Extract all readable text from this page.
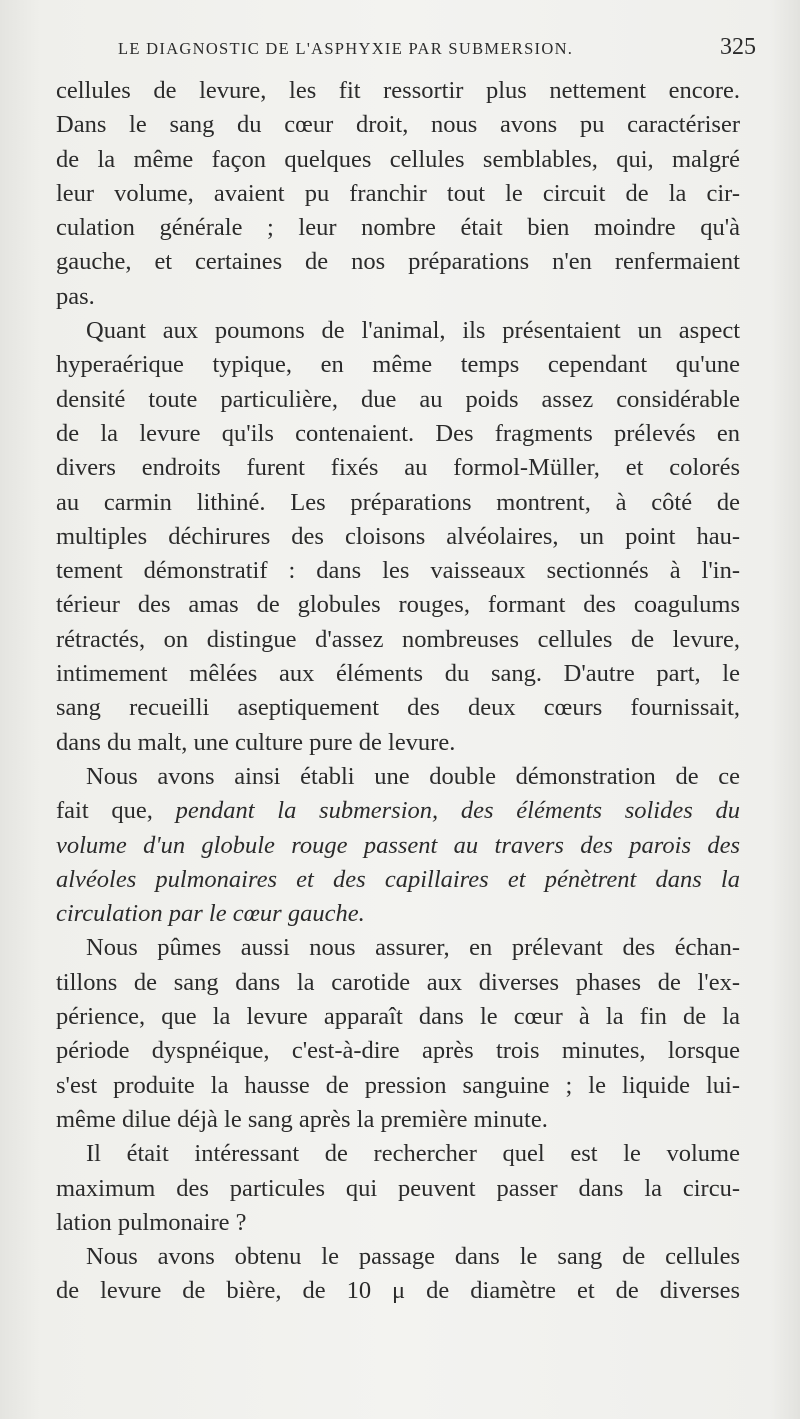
LE DIAGNOSTIC DE L'ASPHYXIE PAR SUBMERSION.	325

cellules de levure, les fit ressortir plus nettement encore.
Dans le sang du cœur droit, nous avons pu caractériser
de la même façon quelques cellules semblables, qui, malgré
leur volume, avaient pu franchir tout le circuit de la cir-
culation générale ; leur nombre était bien moindre qu'à
gauche, et certaines de nos préparations n'en renfermaient
pas.

Quant aux poumons de l'animal, ils présentaient un aspect
hyperaérique typique, en même temps cependant qu'une
densité toute particulière, due au poids assez considérable
de la levure qu'ils contenaient. Des fragments prélevés en
divers endroits furent fixés au formol-Müller, et colorés
au carmin lithiné. Les préparations montrent, à côté de
multiples déchirures des cloisons alvéolaires, un point hau-
tement démonstratif : dans les vaisseaux sectionnés à l'in-
térieur des amas de globules rouges, formant des coagulums
rétractés, on distingue d'assez nombreuses cellules de levure,
intimement mêlées aux éléments du sang. D'autre part, le
sang recueilli aseptiquement des deux cœurs fournissait,
dans du malt, une culture pure de levure.

Nous avons ainsi établi une double démonstration de ce
fait que, pendant la submersion, des éléments solides du
volume d'un globule rouge passent au travers des parois des
alvéoles pulmonaires et des capillaires et pénètrent dans la
circulation par le cœur gauche.

Nous pûmes aussi nous assurer, en prélevant des échan-
tillons de sang dans la carotide aux diverses phases de l'ex-
périence, que la levure apparaît dans le cœur à la fin de la
période dyspnéique, c'est-à-dire après trois minutes, lorsque
s'est produite la hausse de pression sanguine ; le liquide lui-
même dilue déjà le sang après la première minute.

Il était intéressant de rechercher quel est le volume
maximum des particules qui peuvent passer dans la circu-
lation pulmonaire ?

Nous avons obtenu le passage dans le sang de cellules
de levure de bière, de 10 μ de diamètre et de diverses
